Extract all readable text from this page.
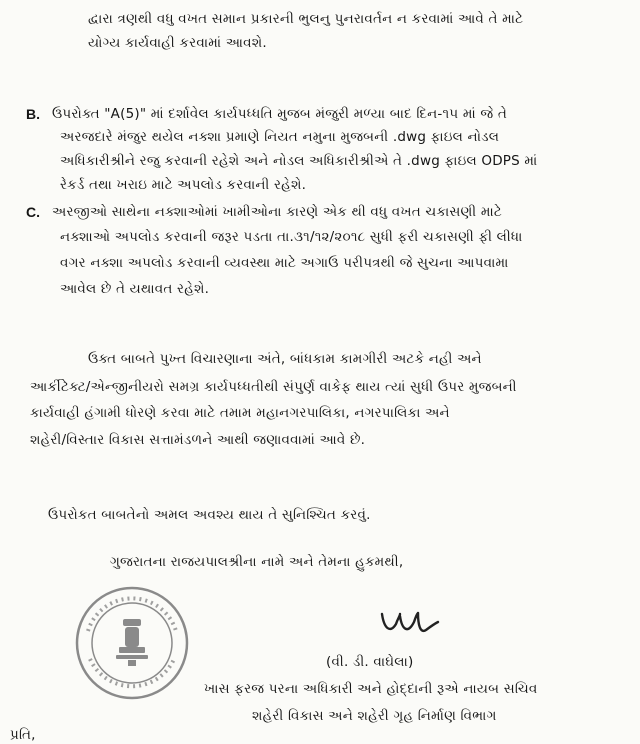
દ્વારા ત્રણથી વધુ વખત સમાન પ્રકારની ભુલનુ પુનરાવર્તન ન કરવામાં આવે તે માટે
યોગ્ય કાર્યવાહી કરવામાં આવશે.
B. ઉપરોક્ત "A(5)" માં દર્શાવેલ કાર્યપધ્ધતિ મુજબ મંજુરી મળ્યા બાદ દિન-૧૫ માં જે તે
અરજદારે મંજુર થયેલ નક્શા પ્રમાણે નિયત નમુના મુજબની .dwg ફાઇલ નોડલ
અધિકારીશ્રીને રજુ કરવાની રહેશે અને નોડલ અધિકારીશ્રીએ તે .dwg ફાઇલ ODPS માં
રેકર્ડ તથા ખરાઇ માટે અપલોડ કરવાની રહેશે.
C. અરજીઓ સાથેના નક્શાઓમાં ખામીઓના કારણે એક થી વધુ વખત ચકાસણી માટે
નક્શાઓ અપલોડ કરવાની જરૂર પડતા તા.૩૧/૧૨/૨૦૧૮ સુધી ફરી ચકાસણી ફી લીધા
વગર નક્શા અપલોડ કરવાની વ્યવસ્થા માટે અગાઉ પરીપત્રથી જે સુચના આપવામા
આવેલ છે તે યથાવત રહેશે.
ઉક્ત બાબતે પુખ્ત વિચારણાના અંતે, બાંધકામ કામગીરી અટકે નહી અને
આર્કીટેક્ટ/એન્જીનીયરો સમગ્ર કાર્યપધ્ધતીથી સંપુર્ણ વાકેફ થાય ત્યાં સુધી ઉપર મુજબની
કાર્યવાહી હંગામી ધોરણે કરવા માટે તમામ મહાનગરપાલિકા, નગરપાલિકા અને
શહેરી/વિસ્તાર વિકાસ સત્તામંડળને આથી જણાવવામાં આવે છે.
ઉપરોકત બાબતેનો અમલ અવશ્ય થાય તે સુનિશ્ચિત કરવું.
ગુજરાતના રાજયપાલશ્રીના નામે અને તેમના હુકમથી,
(વી. ડી. વાઘેલા)
ખાસ ફરજ પરના અધિકારી અને હોદ્દાની રૂએ નાયબ સચિવ
શહેરી વિકાસ અને શહેરી ગૃહ નિર્માણ વિભાગ
પ્રતિ,
